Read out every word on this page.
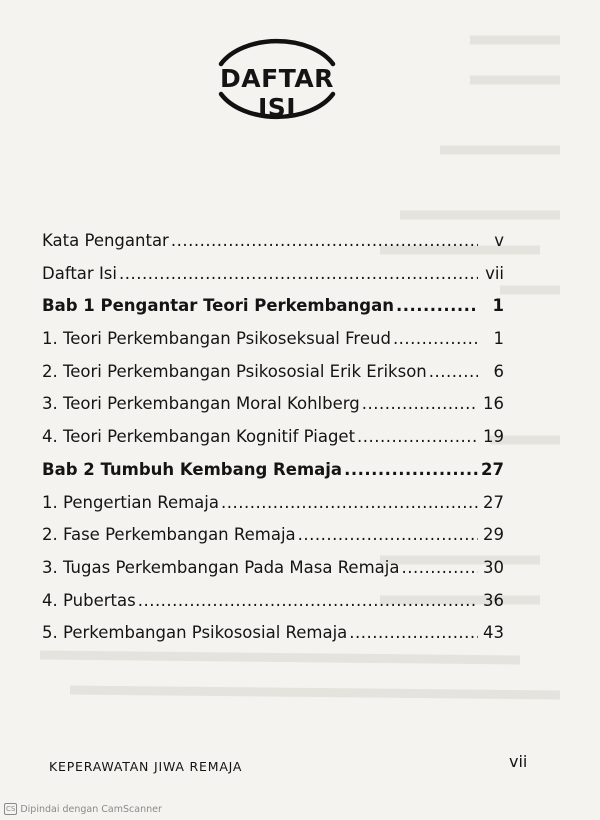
DAFTAR ISI
Kata Pengantar .....	v
Daftar Isi .....	vii
Bab 1 Pengantar Teori Perkembangan .....	1
1. Teori Perkembangan Psikoseksual Freud .....	1
2. Teori Perkembangan Psikososial Erik Erikson .....	6
3. Teori Perkembangan Moral Kohlberg .....	16
4. Teori Perkembangan Kognitif Piaget .....	19
Bab 2 Tumbuh Kembang Remaja .....	27
1. Pengertian Remaja .....	27
2. Fase Perkembangan Remaja .....	29
3. Tugas Perkembangan Pada Masa Remaja .....	30
4. Pubertas .....	36
5. Perkembangan Psikososial Remaja .....	43
KEPERAWATAN JIWA REMAJA	vii
CS Dipindai dengan CamScanner
